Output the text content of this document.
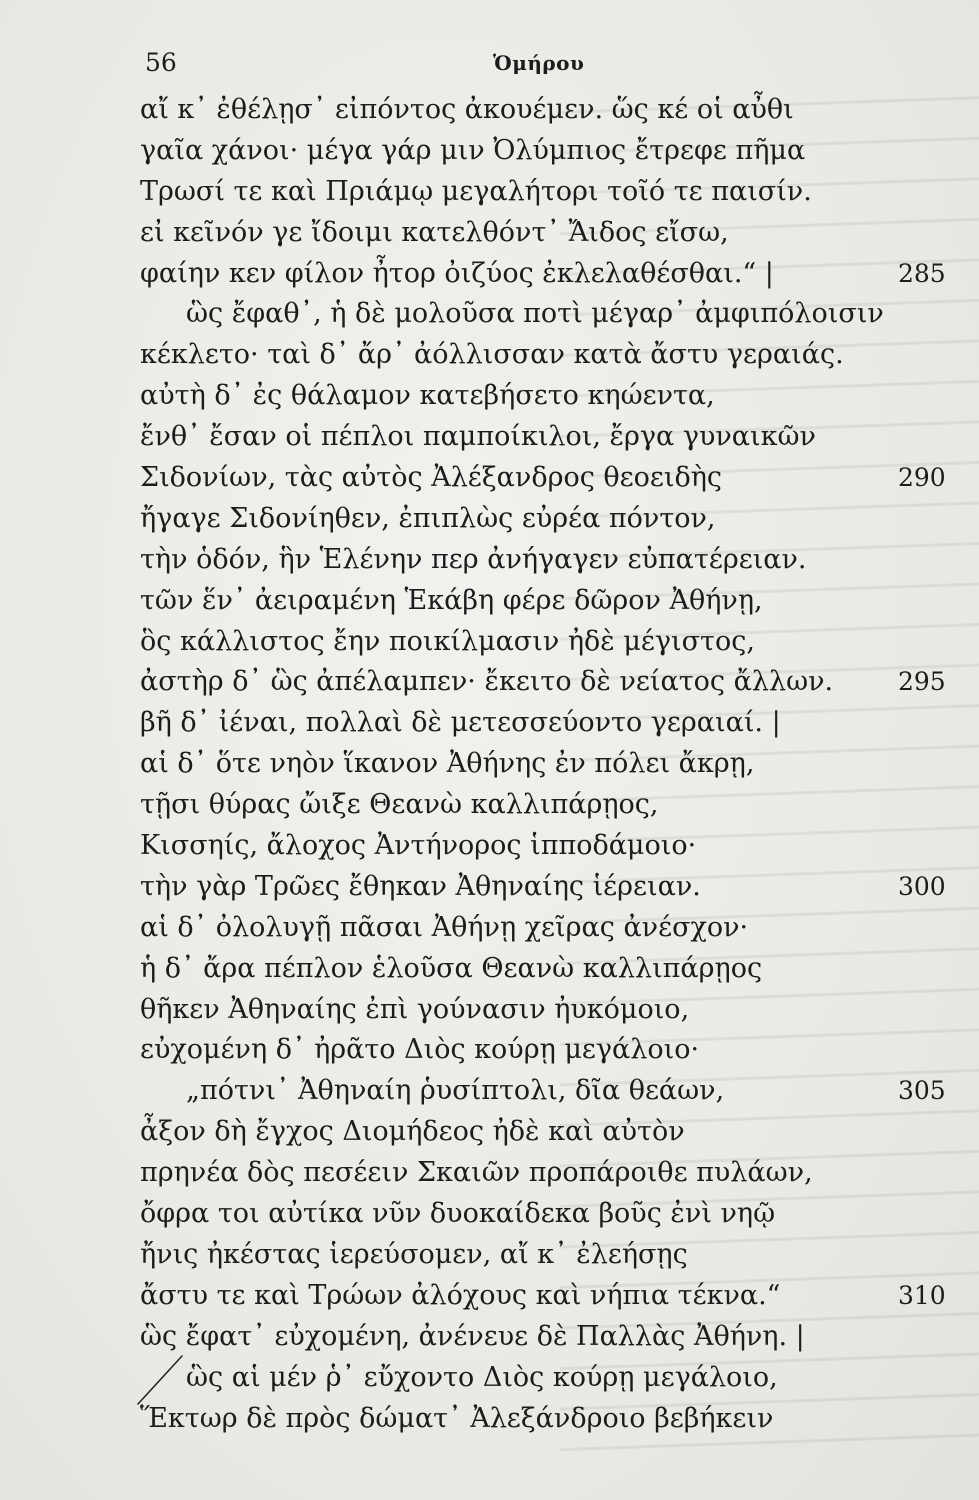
56	Ὁμήρου
αἴ κ᾽ ἐθέλῃσ᾽ εἰπόντος ἀκουέμεν. ὥς κέ οἱ αὖθι
γαῖα χάνοι· μέγα γάρ μιν Ὀλύμπιος ἔτρεφε πῆμα
Τρωσί τε καὶ Πριάμῳ μεγαλήτορι τοῖό τε παισίν.
εἰ κεῖνόν γε ἴδοιμι κατελθόντ᾽ Ἄιδος εἴσω,
φαίην κεν φίλον ἦτορ ὀιζύος ἐκλελαθέσθαι.“ |	285
ὣς ἔφαθ᾽, ἡ δὲ μολοῦσα ποτὶ μέγαρ᾽ ἀμφιπόλοισιν
κέκλετο· ταὶ δ᾽ ἄρ᾽ ἀόλλισσαν κατὰ ἄστυ γεραιάς.
αὐτὴ δ᾽ ἐς θάλαμον κατεβήσετο κηώεντα,
ἔνθ᾽ ἔσαν οἱ πέπλοι παμποίκιλοι, ἔργα γυναικῶν
Σιδονίων, τὰς αὐτὸς Ἀλέξανδρος θεοειδὴς	290
ἤγαγε Σιδονίηθεν, ἐπιπλὼς εὐρέα πόντον,
τὴν ὁδόν, ἣν Ἑλένην περ ἀνήγαγεν εὐπατέρειαν.
τῶν ἕν᾽ ἀειραμένη Ἑκάβη φέρε δῶρον Ἀθήνῃ,
ὃς κάλλιστος ἔην ποικίλμασιν ἠδὲ μέγιστος,
ἀστὴρ δ᾽ ὣς ἀπέλαμπεν· ἔκειτο δὲ νείατος ἄλλων.	295
βῆ δ᾽ ἰέναι, πολλαὶ δὲ μετεσσεύοντο γεραιαί. |
αἱ δ᾽ ὅτε νηὸν ἵκανον Ἀθήνης ἐν πόλει ἄκρῃ,
τῇσι θύρας ὤιξε Θεανὼ καλλιπάρῃος,
Κισσηίς, ἄλοχος Ἀντήνορος ἱπποδάμοιο·
τὴν γὰρ Τρῶες ἔθηκαν Ἀθηναίης ἱέρειαν.	300
αἱ δ᾽ ὀλολυγῇ πᾶσαι Ἀθήνῃ χεῖρας ἀνέσχον·
ἡ δ᾽ ἄρα πέπλον ἑλοῦσα Θεανὼ καλλιπάρῃος
θῆκεν Ἀθηναίης ἐπὶ γούνασιν ἠυκόμοιο,
εὐχομένη δ᾽ ἠρᾶτο Διὸς κούρῃ μεγάλοιο·
„πότνι᾽ Ἀθηναίη ῥυσίπτολι, δῖα θεάων,	305
ἆξον δὴ ἔγχος Διομήδεος ἠδὲ καὶ αὐτὸν
πρηνέα δὸς πεσέειν Σκαιῶν προπάροιθε πυλάων,
ὄφρα τοι αὐτίκα νῦν δυοκαίδεκα βοῦς ἐνὶ νηῷ
ἤνις ἠκέστας ἱερεύσομεν, αἴ κ᾽ ἐλεήσῃς
ἄστυ τε καὶ Τρώων ἀλόχους καὶ νήπια τέκνα.“	310
ὣς ἔφατ᾽ εὐχομένη, ἀνένευε δὲ Παλλὰς Ἀθήνη. |
ὣς αἱ μέν ῥ᾽ εὔχοντο Διὸς κούρῃ μεγάλοιο,
Ἕκτωρ δὲ πρὸς δώματ᾽ Ἀλεξάνδροιο βεβήκειν
